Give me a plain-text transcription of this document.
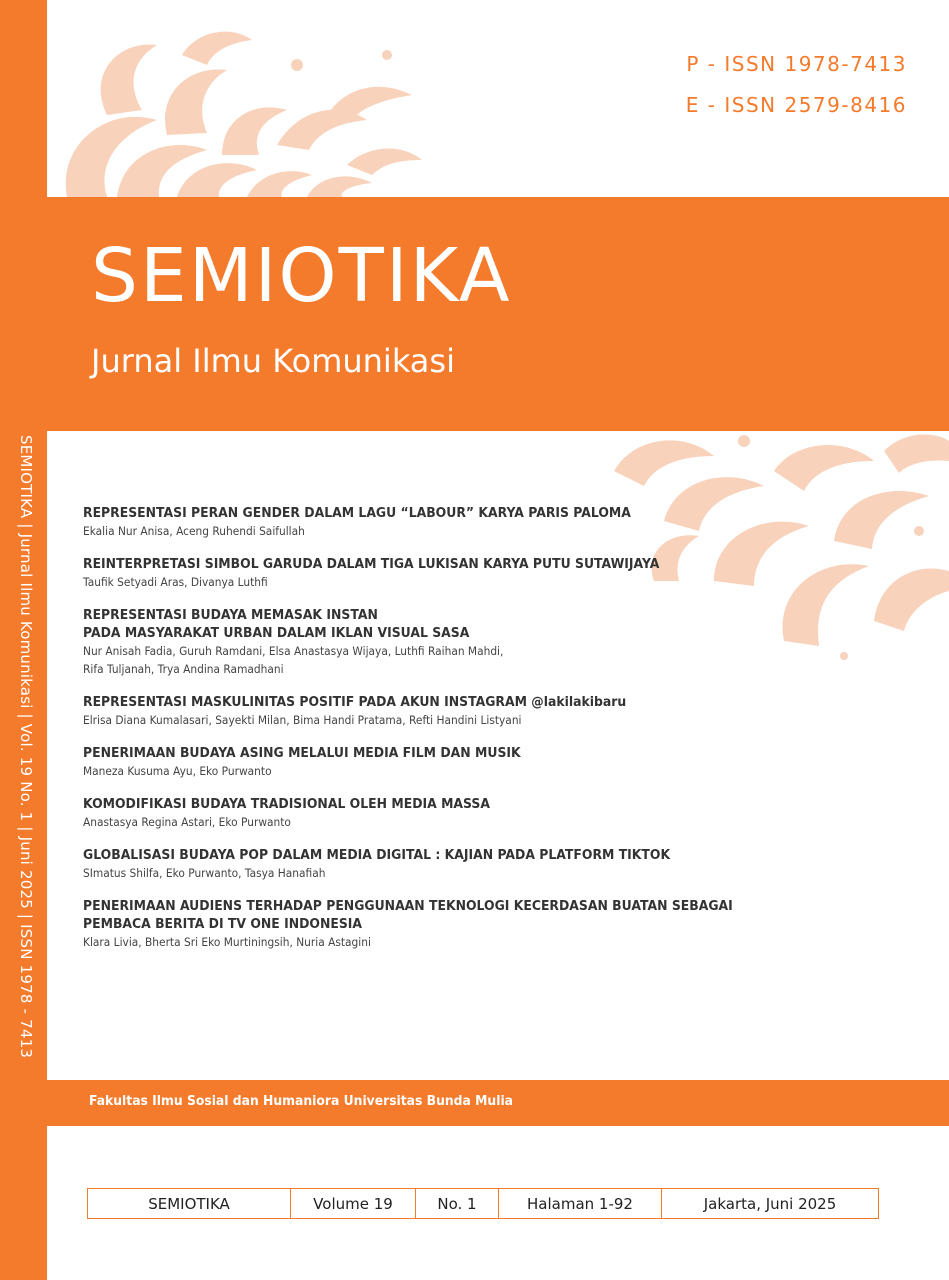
SEMIOTIKA | Jurnal Ilmu Komunikasi | Vol. 19 No. 1 | Juni 2025 | ISSN 1978 - 7413
P - ISSN 1978-7413
E - ISSN 2579-8416
SEMIOTIKA
Jurnal Ilmu Komunikasi
REPRESENTASI PERAN GENDER DALAM LAGU “LABOUR” KARYA PARIS PALOMA
Ekalia Nur Anisa, Aceng Ruhendi Saifullah
REINTERPRETASI SIMBOL GARUDA DALAM TIGA LUKISAN KARYA PUTU SUTAWIJAYA
Taufik Setyadi Aras, Divanya Luthfi
REPRESENTASI BUDAYA MEMASAK INSTAN
PADA MASYARAKAT URBAN DALAM IKLAN VISUAL SASA
Nur Anisah Fadia, Guruh Ramdani, Elsa Anastasya Wijaya, Luthfi Raihan Mahdi,
Rifa Tuljanah, Trya Andina Ramadhani
REPRESENTASI MASKULINITAS POSITIF PADA AKUN INSTAGRAM @lakilakibaru
Elrisa Diana Kumalasari, Sayekti Milan, Bima Handi Pratama, Refti Handini Listyani
PENERIMAAN BUDAYA ASING MELALUI MEDIA FILM DAN MUSIK
Maneza Kusuma Ayu, Eko Purwanto
KOMODIFIKASI BUDAYA TRADISIONAL OLEH MEDIA MASSA
Anastasya Regina Astari, Eko Purwanto
GLOBALISASI BUDAYA POP DALAM MEDIA DIGITAL : KAJIAN PADA PLATFORM TIKTOK
SImatus Shilfa, Eko Purwanto, Tasya Hanafiah
PENERIMAAN AUDIENS TERHADAP PENGGUNAAN TEKNOLOGI KECERDASAN BUATAN SEBAGAI
PEMBACA BERITA DI TV ONE INDONESIA
Klara Livia, Bherta Sri Eko Murtiningsih, Nuria Astagini
Fakultas Ilmu Sosial dan Humaniora Universitas Bunda Mulia
SEMIOTIKA	Volume 19	No. 1	Halaman 1-92	Jakarta, Juni 2025
